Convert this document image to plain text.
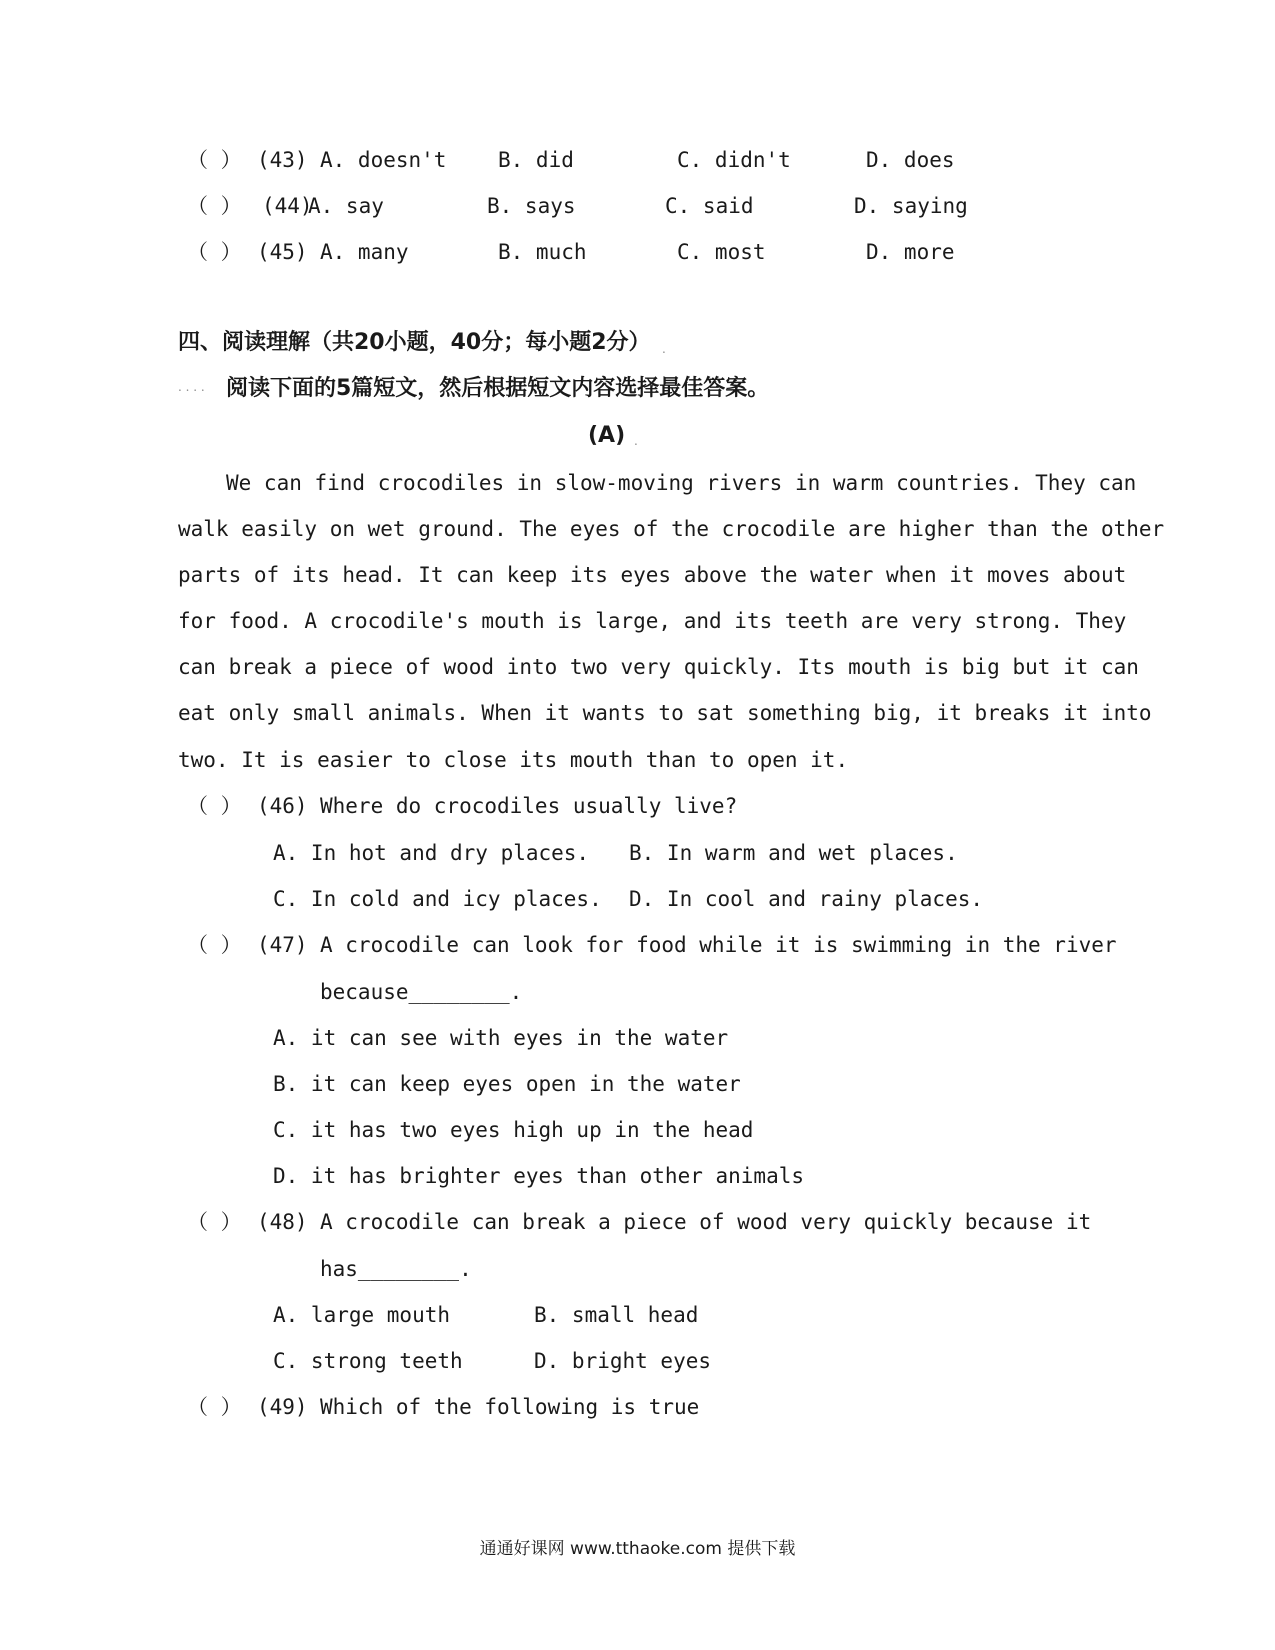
（ ） (43) A. doesn't B. did	C. didn't	D. does
（ ） (44)
A. say	B. says	C. said	D. saying
（ ） (45) A. many	B. much	C. most	D. more
四、阅读理解（共20小题，40分；每小题2分） .
. . . . 阅读下面的5篇短文，然后根据短文内容选择最佳答案。
(A) .
We can find crocodiles in slow-moving rivers in warm countries. They can
walk easily on wet ground. The eyes of the crocodile are higher than the other
parts of its head. It can keep its eyes above the water when it moves about
for food. A crocodile's mouth is large, and its teeth are very strong. They
can break a piece of wood into two very quickly. Its mouth is big but it can
eat only small animals. When it wants to sat something big, it breaks it into
two. It is easier to close its mouth than to open it.
（ ） (46) Where do crocodiles usually live?
A. In hot and dry places. B. In warm and wet places.
C. In cold and icy places. D. In cool and rainy places.
（ ） (47) A crocodile can look for food while it is swimming in the river
because________.
A. it can see with eyes in the water
B. it can keep eyes open in the water
C. it has two eyes high up in the head
D. it has brighter eyes than other animals
（ ） (48) A crocodile can break a piece of wood very quickly because it
has________.
A. large mouth	B. small head
C. strong teeth	D. bright eyes
（ ） (49) Which of the following is true
通通好课网 www.tthaoke.com 提供下载
